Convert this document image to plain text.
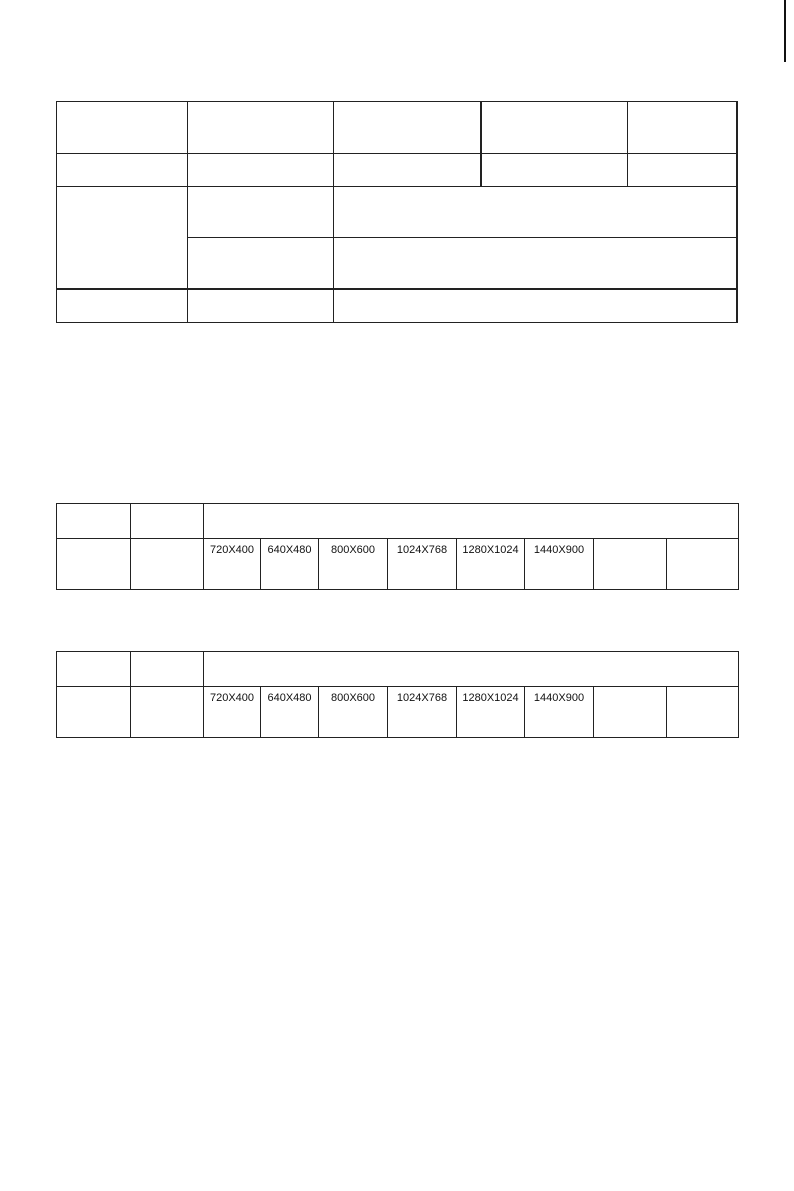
		720X400	640X480	800X600	1024X768	1280X1024	1440X900		

		720X400	640X480	800X600	1024X768	1280X1024	1440X900		
